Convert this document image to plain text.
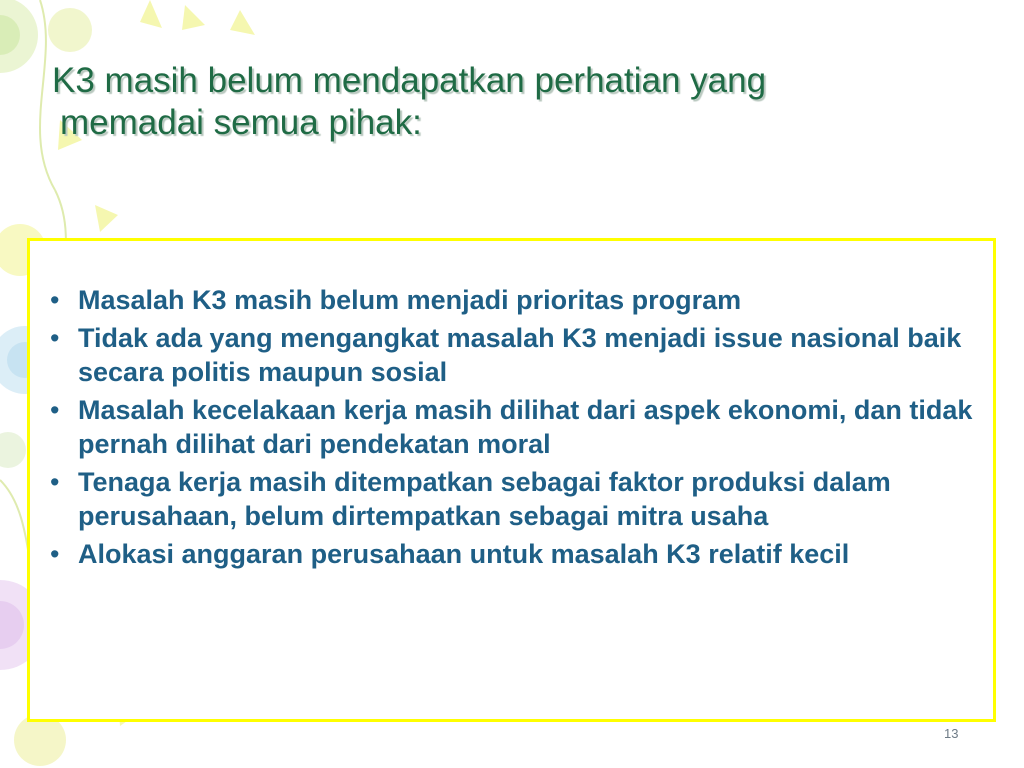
K3 masih belum mendapatkan perhatian yang
memadai semua pihak:
• Masalah K3 masih belum menjadi prioritas program
• Tidak ada yang mengangkat masalah K3 menjadi issue nasional baik secara politis maupun sosial
• Masalah kecelakaan kerja masih dilihat dari aspek ekonomi, dan tidak pernah dilihat dari pendekatan moral
• Tenaga kerja masih ditempatkan sebagai faktor produksi dalam perusahaan, belum dirtempatkan sebagai mitra usaha
• Alokasi anggaran perusahaan untuk masalah K3 relatif kecil
13
